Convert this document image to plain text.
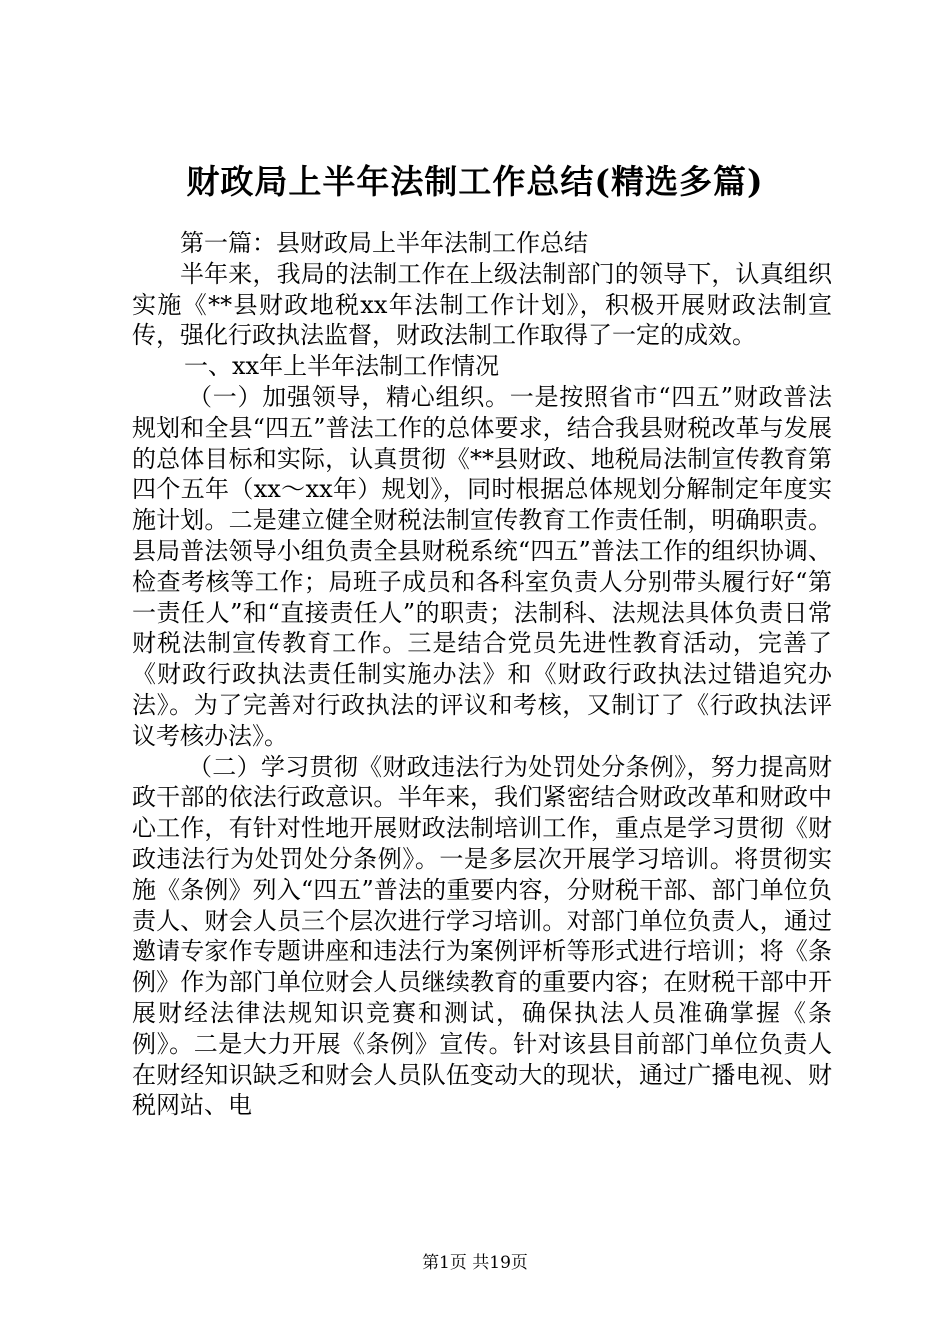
财政局上半年法制工作总结(精选多篇)

第一篇：县财政局上半年法制工作总结

半年来，我局的法制工作在上级法制部门的领导下，认真组织实施《**县财政地税xx年法制工作计划》，积极开展财政法制宣传，强化行政执法监督，财政法制工作取得了一定的成效。

一、xx年上半年法制工作情况

（一）加强领导，精心组织。一是按照省市“四五”财政普法规划和全县“四五”普法工作的总体要求，结合我县财税改革与发展的总体目标和实际，认真贯彻《**县财政、地税局法制宣传教育第四个五年（xx～xx年）规划》，同时根据总体规划分解制定年度实施计划。二是建立健全财税法制宣传教育工作责任制，明确职责。县局普法领导小组负责全县财税系统“四五”普法工作的组织协调、检查考核等工作；局班子成员和各科室负责人分别带头履行好“第一责任人”和“直接责任人”的职责；法制科、法规法具体负责日常财税法制宣传教育工作。三是结合党员先进性教育活动，完善了《财政行政执法责任制实施办法》和《财政行政执法过错追究办法》。为了完善对行政执法的评议和考核，又制订了《行政执法评议考核办法》。

（二）学习贯彻《财政违法行为处罚处分条例》，努力提高财政干部的依法行政意识。半年来，我们紧密结合财政改革和财政中心工作，有针对性地开展财政法制培训工作，重点是学习贯彻《财政违法行为处罚处分条例》。一是多层次开展学习培训。将贯彻实施《条例》列入“四五”普法的重要内容，分财税干部、部门单位负责人、财会人员三个层次进行学习培训。对部门单位负责人，通过邀请专家作专题讲座和违法行为案例评析等形式进行培训；将《条例》作为部门单位财会人员继续教育的重要内容；在财税干部中开展财经法律法规知识竞赛和测试，确保执法人员准确掌握《条例》。二是大力开展《条例》宣传。针对该县目前部门单位负责人在财经知识缺乏和财会人员队伍变动大的现状，通过广播电视、财税网站、电

第1页 共19页
